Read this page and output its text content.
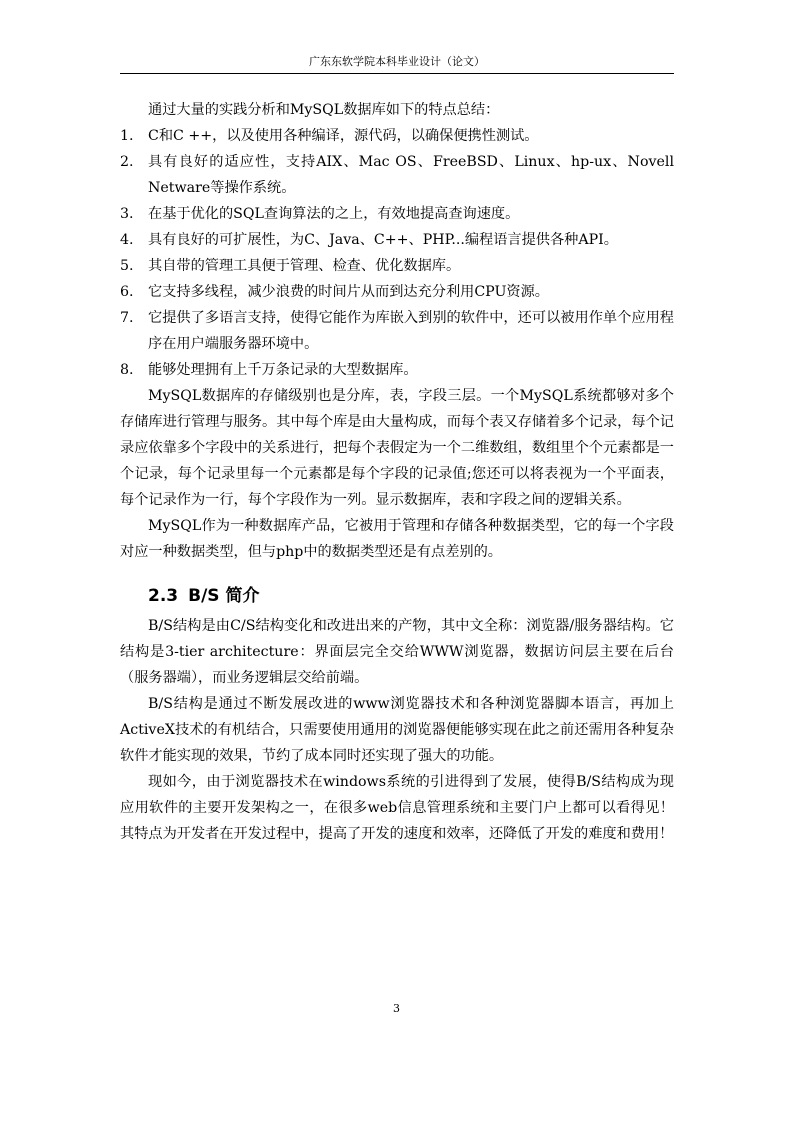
广东东软学院本科毕业设计（论文）

通过大量的实践分析和MySQL数据库如下的特点总结：

1. C和C ++，以及使用各种编译，源代码，以确保便携性测试。
2. 具有良好的适应性，支持AIX、Mac OS、FreeBSD、Linux、hp-ux、Novell Netware等操作系统。
3. 在基于优化的SQL查询算法的之上，有效地提高查询速度。
4. 具有良好的可扩展性，为C、Java、C++、PHP...编程语言提供各种API。
5. 其自带的管理工具便于管理、检查、优化数据库。
6. 它支持多线程，减少浪费的时间片从而到达充分利用CPU资源。
7. 它提供了多语言支持，使得它能作为库嵌入到别的软件中，还可以被用作单个应用程序在用户端服务器环境中。
8. 能够处理拥有上千万条记录的大型数据库。

MySQL数据库的存储级别也是分库，表，字段三层。一个MySQL系统都够对多个存储库进行管理与服务。其中每个库是由大量构成，而每个表又存储着多个记录，每个记录应依靠多个字段中的关系进行，把每个表假定为一个二维数组，数组里个个元素都是一个记录，每个记录里每一个元素都是每个字段的记录值;您还可以将表视为一个平面表，每个记录作为一行，每个字段作为一列。显示数据库，表和字段之间的逻辑关系。

MySQL作为一种数据库产品，它被用于管理和存储各种数据类型，它的每一个字段对应一种数据类型，但与php中的数据类型还是有点差别的。

2.3 B/S 简介

B/S结构是由C/S结构变化和改进出来的产物，其中文全称：浏览器/服务器结构。它结构是3-tier architecture：界面层完全交给WWW浏览器，数据访问层主要在后台（服务器端），而业务逻辑层交给前端。

B/S结构是通过不断发展改进的www浏览器技术和各种浏览器脚本语言，再加上ActiveX技术的有机结合，只需要使用通用的浏览器便能够实现在此之前还需用各种复杂软件才能实现的效果，节约了成本同时还实现了强大的功能。

现如今，由于浏览器技术在windows系统的引进得到了发展，使得B/S结构成为现应用软件的主要开发架构之一，在很多web信息管理系统和主要门户上都可以看得见！其特点为开发者在开发过程中，提高了开发的速度和效率，还降低了开发的难度和费用！

3
